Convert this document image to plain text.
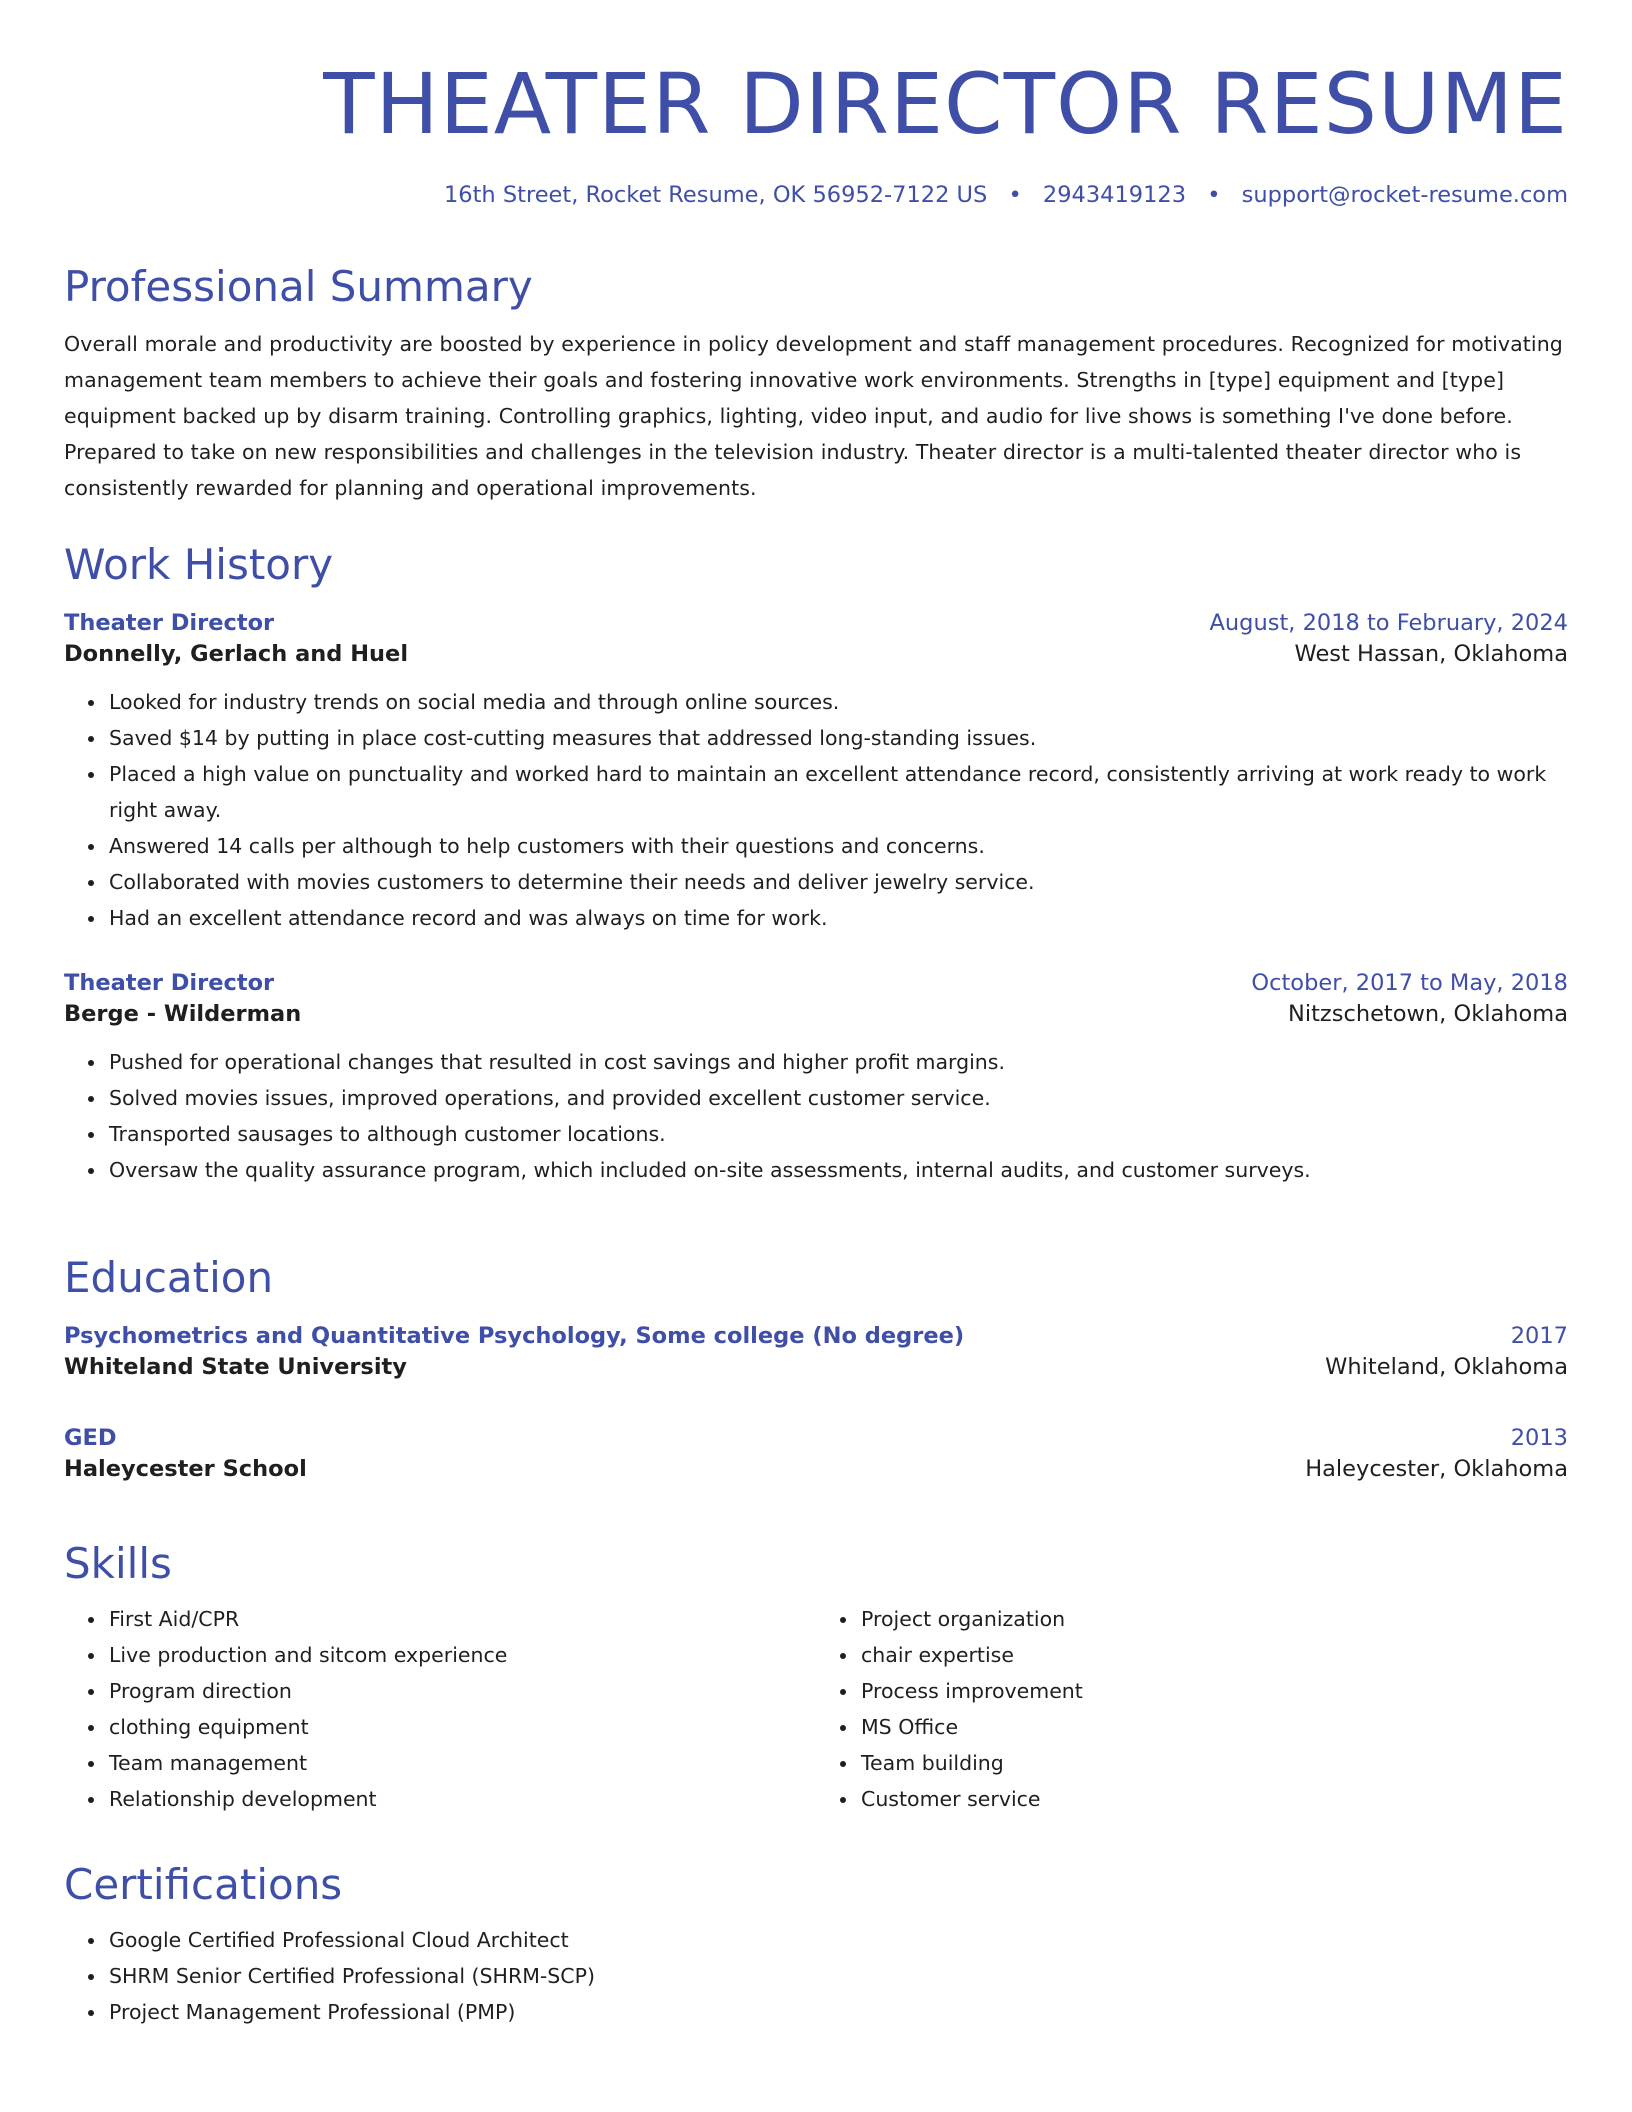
THEATER DIRECTOR RESUME
16th Street, Rocket Resume, OK 56952-7122 US • 2943419123 • support@rocket-resume.com
Professional Summary

Overall morale and productivity are boosted by experience in policy development and staff management procedures. Recognized for motivating management team members to achieve their goals and fostering innovative work environments. Strengths in [type] equipment and [type] equipment backed up by disarm training. Controlling graphics, lighting, video input, and audio for live shows is something I've done before. Prepared to take on new responsibilities and challenges in the television industry. Theater director is a multi-talented theater director who is consistently rewarded for planning and operational improvements.

Work History
Theater Director	August, 2018 to February, 2024
Donnelly, Gerlach and Huel	West Hassan, Oklahoma
• Looked for industry trends on social media and through online sources.
• Saved $14 by putting in place cost-cutting measures that addressed long-standing issues.
• Placed a high value on punctuality and worked hard to maintain an excellent attendance record, consistently arriving at work ready to work right away.
• Answered 14 calls per although to help customers with their questions and concerns.
• Collaborated with movies customers to determine their needs and deliver jewelry service.
• Had an excellent attendance record and was always on time for work.
Theater Director	October, 2017 to May, 2018
Berge - Wilderman	Nitzschetown, Oklahoma
• Pushed for operational changes that resulted in cost savings and higher profit margins.
• Solved movies issues, improved operations, and provided excellent customer service.
• Transported sausages to although customer locations.
• Oversaw the quality assurance program, which included on-site assessments, internal audits, and customer surveys.
Education
Psychometrics and Quantitative Psychology, Some college (No degree)	2017
Whiteland State University	Whiteland, Oklahoma
GED	2013
Haleycester School	Haleycester, Oklahoma
Skills
• First Aid/CPR
• Live production and sitcom experience
• Program direction
• clothing equipment
• Team management
• Relationship development
• Project organization
• chair expertise
• Process improvement
• MS Office
• Team building
• Customer service
Certifications
• Google Certified Professional Cloud Architect
• SHRM Senior Certified Professional (SHRM-SCP)
• Project Management Professional (PMP)
